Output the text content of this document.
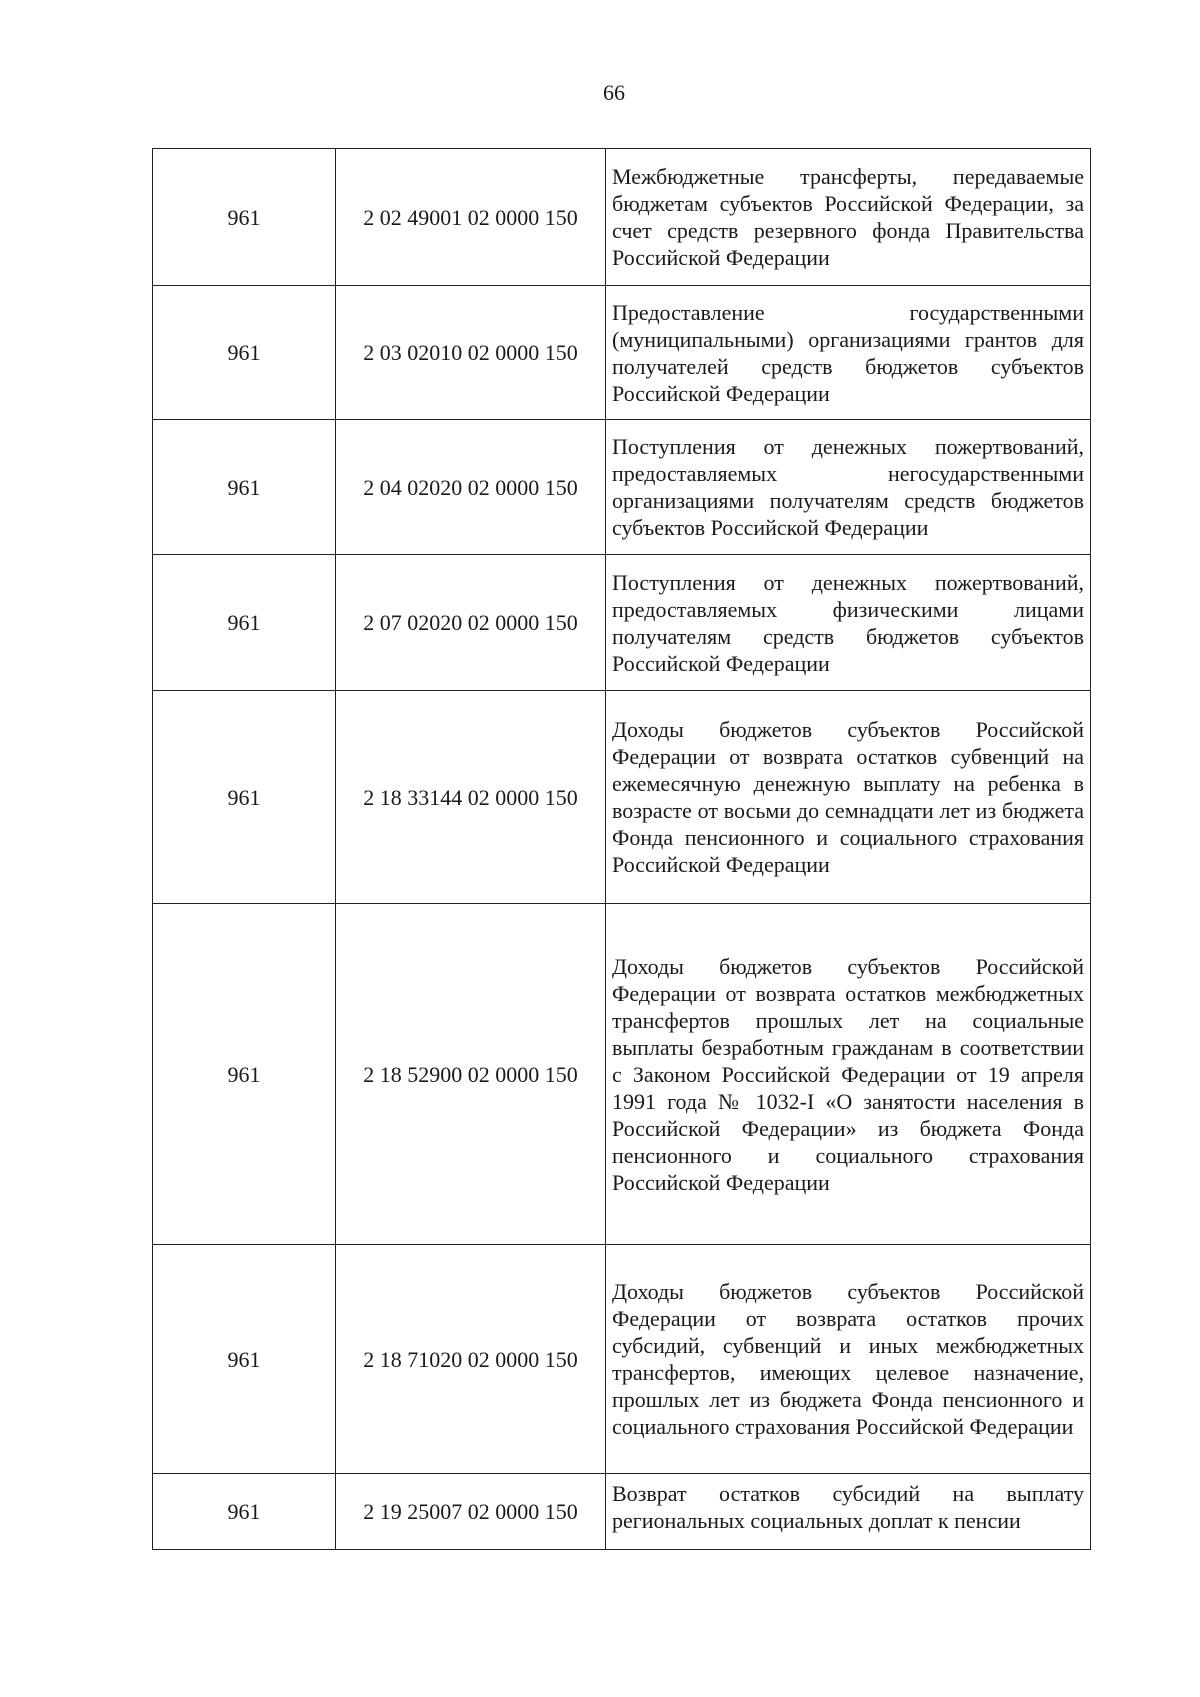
66
961	2 02 49001 02 0000 150	Межбюджетные трансферты, передаваемые бюджетам субъектов Российской Федерации, за счет средств резервного фонда Правительства Российской Федерации
961	2 03 02010 02 0000 150	Предоставление государственными (муниципальными) организациями грантов для получателей средств бюджетов субъектов Российской Федерации
961	2 04 02020 02 0000 150	Поступления от денежных пожертвований, предоставляемых негосударственными организациями получателям средств бюджетов субъектов Российской Федерации
961	2 07 02020 02 0000 150	Поступления от денежных пожертвований, предоставляемых физическими лицами получателям средств бюджетов субъектов Российской Федерации
961	2 18 33144 02 0000 150	Доходы бюджетов субъектов Российской Федерации от возврата остатков субвенций на ежемесячную денежную выплату на ребенка в возрасте от восьми до семнадцати лет из бюджета Фонда пенсионного и социального страхования Российской Федерации
961	2 18 52900 02 0000 150	Доходы бюджетов субъектов Российской Федерации от возврата остатков межбюджетных трансфертов прошлых лет на социальные выплаты безработным гражданам в соответствии с Законом Российской Федерации от 19 апреля 1991 года № 1032-I «О занятости населения в Российской Федерации» из бюджета Фонда пенсионного и социального страхования Российской Федерации
961	2 18 71020 02 0000 150	Доходы бюджетов субъектов Российской Федерации от возврата остатков прочих субсидий, субвенций и иных межбюджетных трансфертов, имеющих целевое назначение, прошлых лет из бюджета Фонда пенсионного и социального страхования Российской Федерации
961	2 19 25007 02 0000 150	Возврат остатков субсидий на выплату региональных социальных доплат к пенсии
